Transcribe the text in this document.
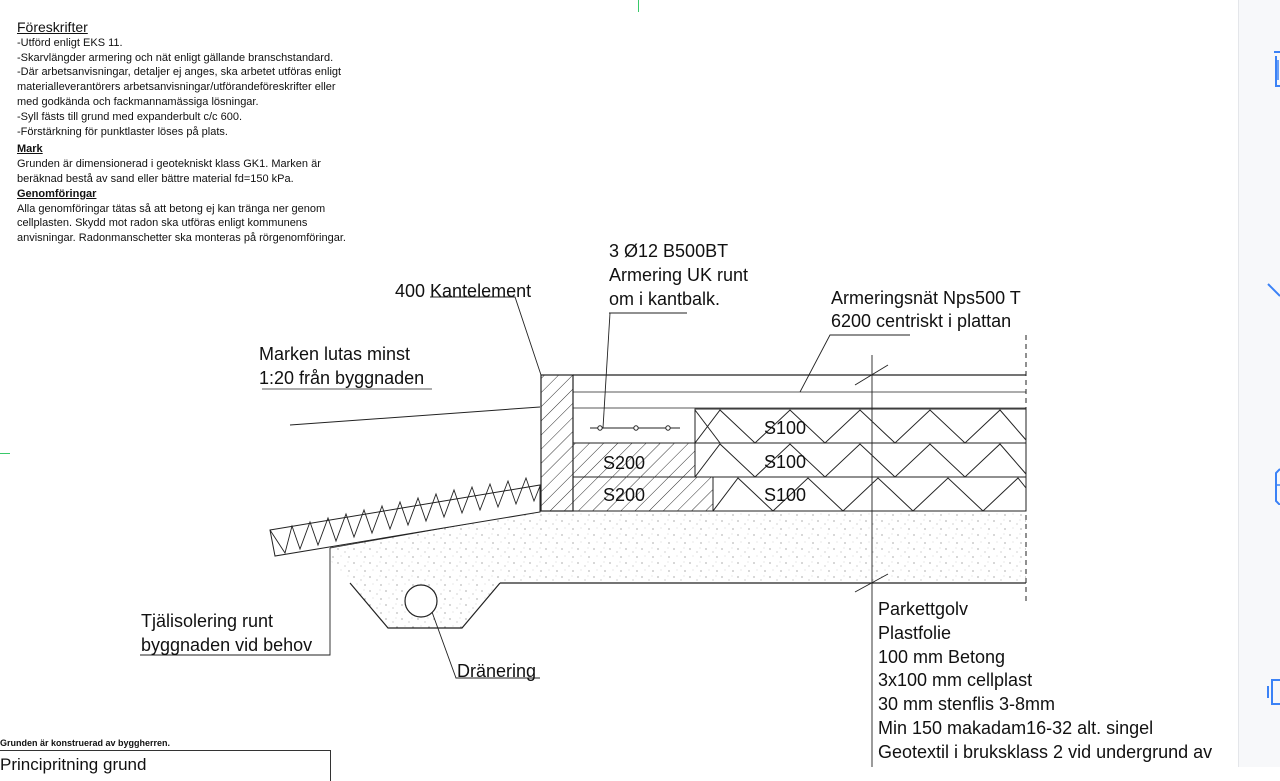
Föreskrifter
-Utförd enligt EKS 11.
-Skarvlängder armering och nät enligt gällande branschstandard.
-Där arbetsanvisningar, detaljer ej anges, ska arbetet utföras enligt
materialleverantörers arbetsanvisningar/utförandeföreskrifter eller
med godkända och fackmannamässiga lösningar.
-Syll fästs till grund med expanderbult c/c 600.
-Förstärkning för punktlaster löses på plats.
Mark
Grunden är dimensionerad i geotekniskt klass GK1. Marken är
beräknad bestå av sand eller bättre material fd=150 kPa.
Genomföringar
Alla genomföringar tätas så att betong ej kan tränga ner genom
cellplasten. Skydd mot radon ska utföras enligt kommunens
anvisningar. Radonmanschetter ska monteras på rörgenomföringar.
3 Ø12 B500BT
Armering UK runt
om i kantbalk.
400 Kantelement	Armeringsnät Nps500 T
6200 centriskt i plattan
Marken lutas minst
1:20 från byggnaden
S100
S200	S100
S200	S100
Tjälisolering runt
byggnaden vid behov
Dränering
Parkettgolv
Plastfolie
100 mm Betong
3x100 mm cellplast
30 mm stenflis 3-8mm
Min 150 makadam16-32 alt. singel
Geotextil i bruksklass 2 vid undergrund av
Grunden är konstruerad av byggherren.
Principritning grund
